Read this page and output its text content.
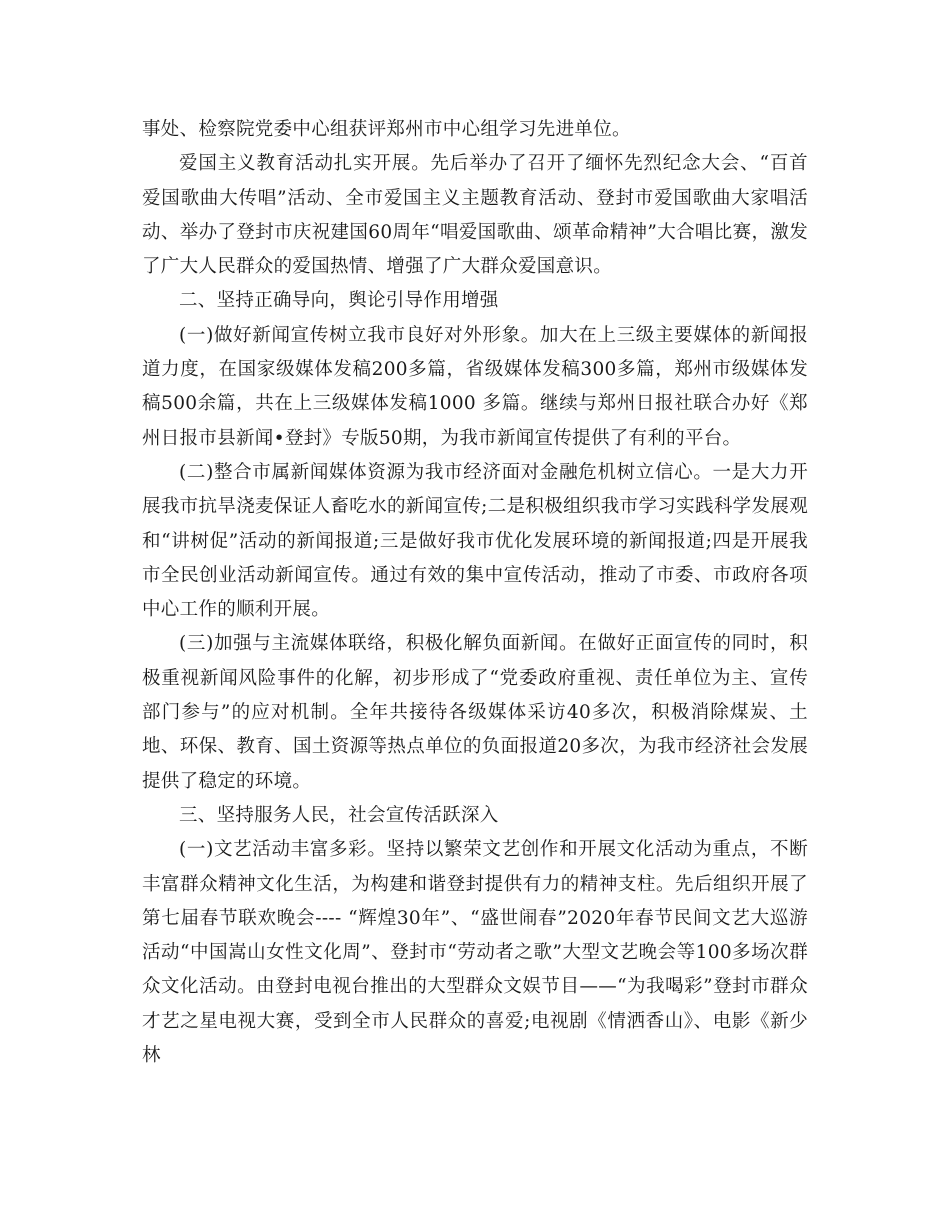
事处、检察院党委中心组获评郑州市中心组学习先进单位。

爱国主义教育活动扎实开展。先后举办了召开了缅怀先烈纪念大会、“百首爱国歌曲大传唱”活动、全市爱国主义主题教育活动、登封市爱国歌曲大家唱活动、举办了登封市庆祝建国60周年“唱爱国歌曲、颂革命精神”大合唱比赛，激发了广大人民群众的爱国热情、增强了广大群众爱国意识。

二、坚持正确导向，舆论引导作用增强

(一)做好新闻宣传树立我市良好对外形象。加大在上三级主要媒体的新闻报道力度，在国家级媒体发稿200多篇，省级媒体发稿300多篇，郑州市级媒体发稿500余篇，共在上三级媒体发稿1000 多篇。继续与郑州日报社联合办好《郑州日报市县新闻•登封》专版50期，为我市新闻宣传提供了有利的平台。

(二)整合市属新闻媒体资源为我市经济面对金融危机树立信心。一是大力开展我市抗旱浇麦保证人畜吃水的新闻宣传;二是积极组织我市学习实践科学发展观和“讲树促”活动的新闻报道;三是做好我市优化发展环境的新闻报道;四是开展我市全民创业活动新闻宣传。通过有效的集中宣传活动，推动了市委、市政府各项中心工作的顺利开展。

(三)加强与主流媒体联络，积极化解负面新闻。在做好正面宣传的同时，积极重视新闻风险事件的化解，初步形成了“党委政府重视、责任单位为主、宣传部门参与”的应对机制。全年共接待各级媒体采访40多次，积极消除煤炭、土地、环保、教育、国土资源等热点单位的负面报道20多次，为我市经济社会发展提供了稳定的环境。

三、坚持服务人民，社会宣传活跃深入

(一)文艺活动丰富多彩。坚持以繁荣文艺创作和开展文化活动为重点，不断丰富群众精神文化生活，为构建和谐登封提供有力的精神支柱。先后组织开展了第七届春节联欢晚会---- “辉煌30年”、“盛世闹春”2020年春节民间文艺大巡游活动“中国嵩山女性文化周”、登封市“劳动者之歌”大型文艺晚会等100多场次群众文化活动。由登封电视台推出的大型群众文娱节目——“为我喝彩”登封市群众才艺之星电视大赛，受到全市人民群众的喜爱;电视剧《情洒香山》、电影《新少林
